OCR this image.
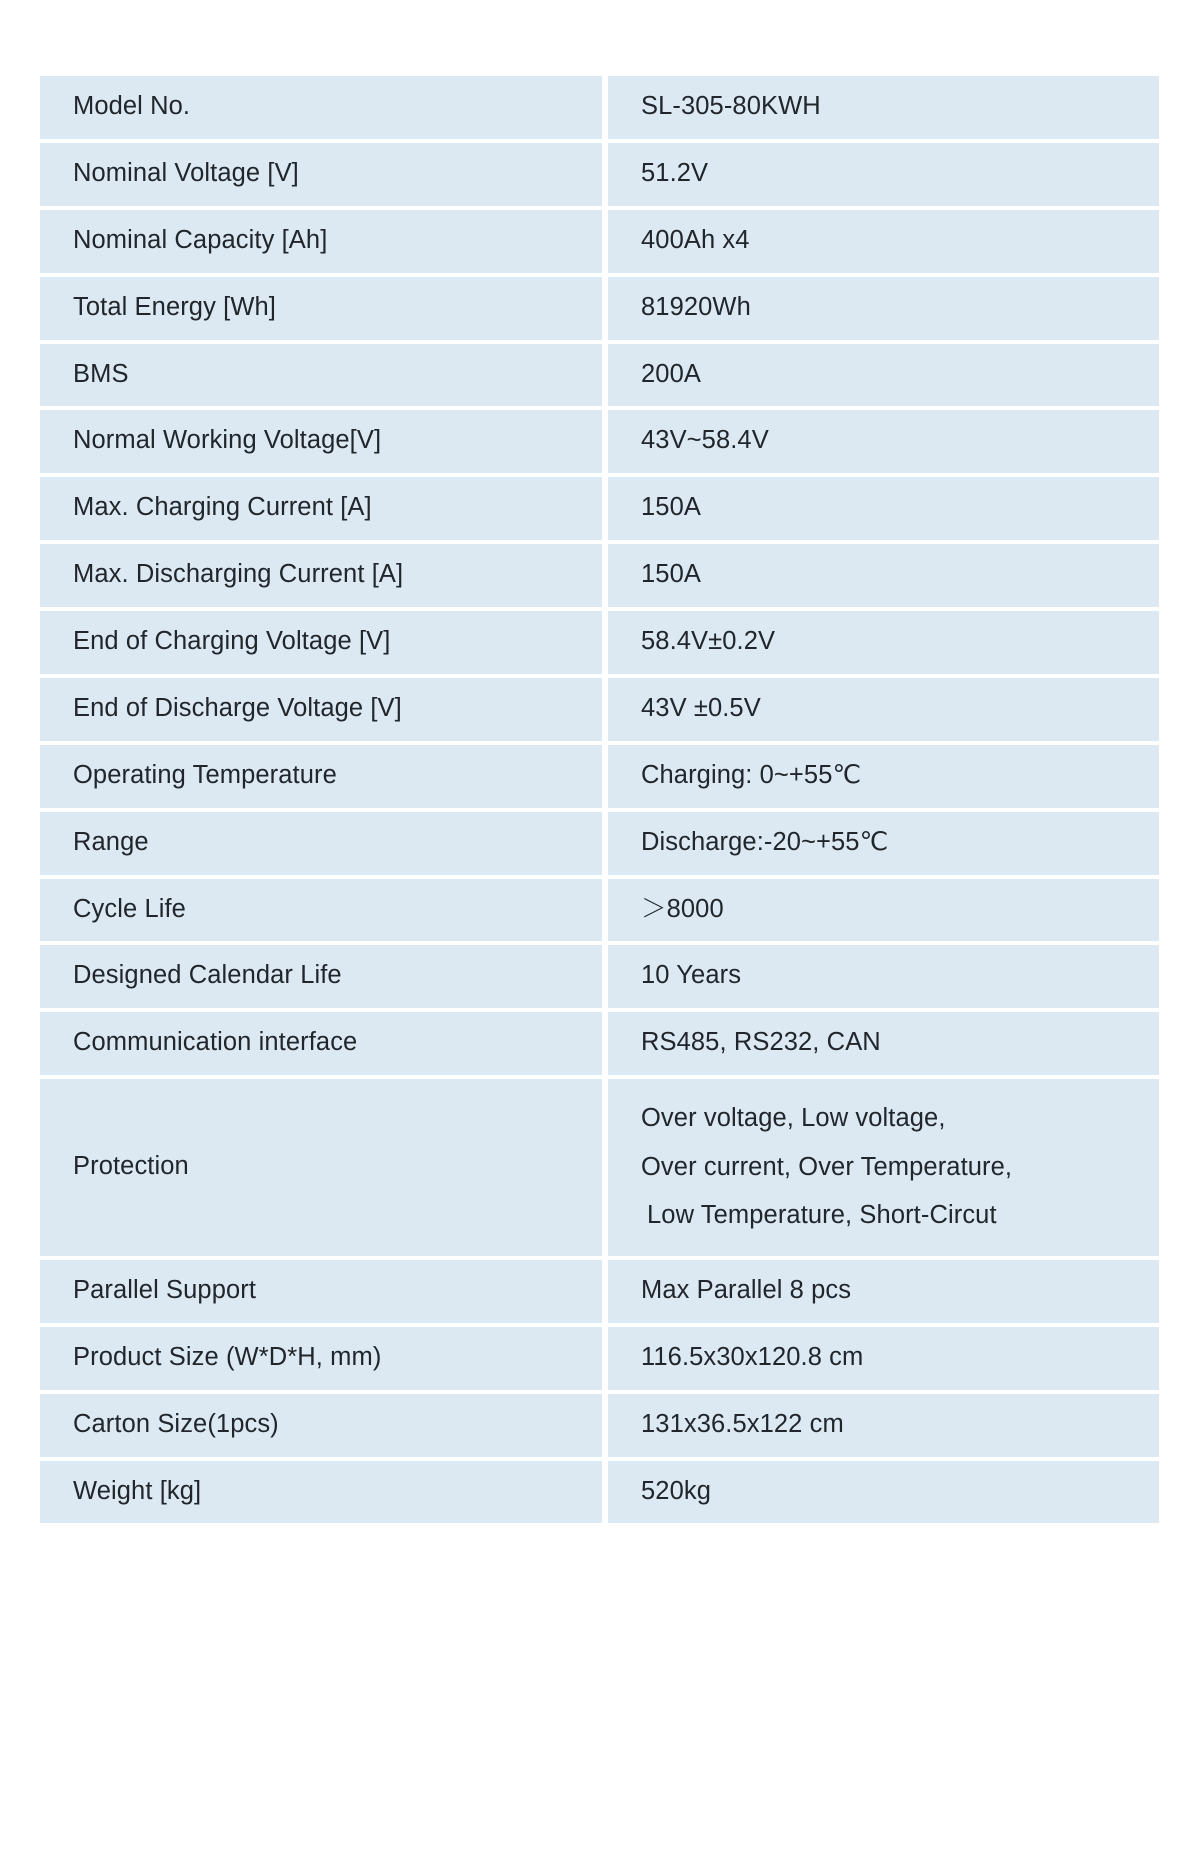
Model No.		SL-305-80KWH
Nominal Voltage [V]		51.2V
Nominal Capacity [Ah]		400Ah x4
Total Energy [Wh]		81920Wh
BMS		200A
Normal Working Voltage[V]		43V~58.4V
Max. Charging Current [A]		150A
Max. Discharging Current [A]		150A
End of Charging Voltage [V]		58.4V±0.2V
End of Discharge Voltage [V]		43V ±0.5V
Operating Temperature		Charging: 0~+55℃
Range		Discharge:-20~+55℃
Cycle Life		＞8000
Designed Calendar Life		10 Years
Communication interface		RS485, RS232, CAN
Protection		Over voltage, Low voltage,
Over current, Over Temperature,
Low Temperature, Short-Circut

Parallel Support		Max Parallel 8 pcs
Product Size (W*D*H, mm)		116.5x30x120.8 cm
Carton Size(1pcs)		131x36.5x122 cm
Weight [kg]		520kg
